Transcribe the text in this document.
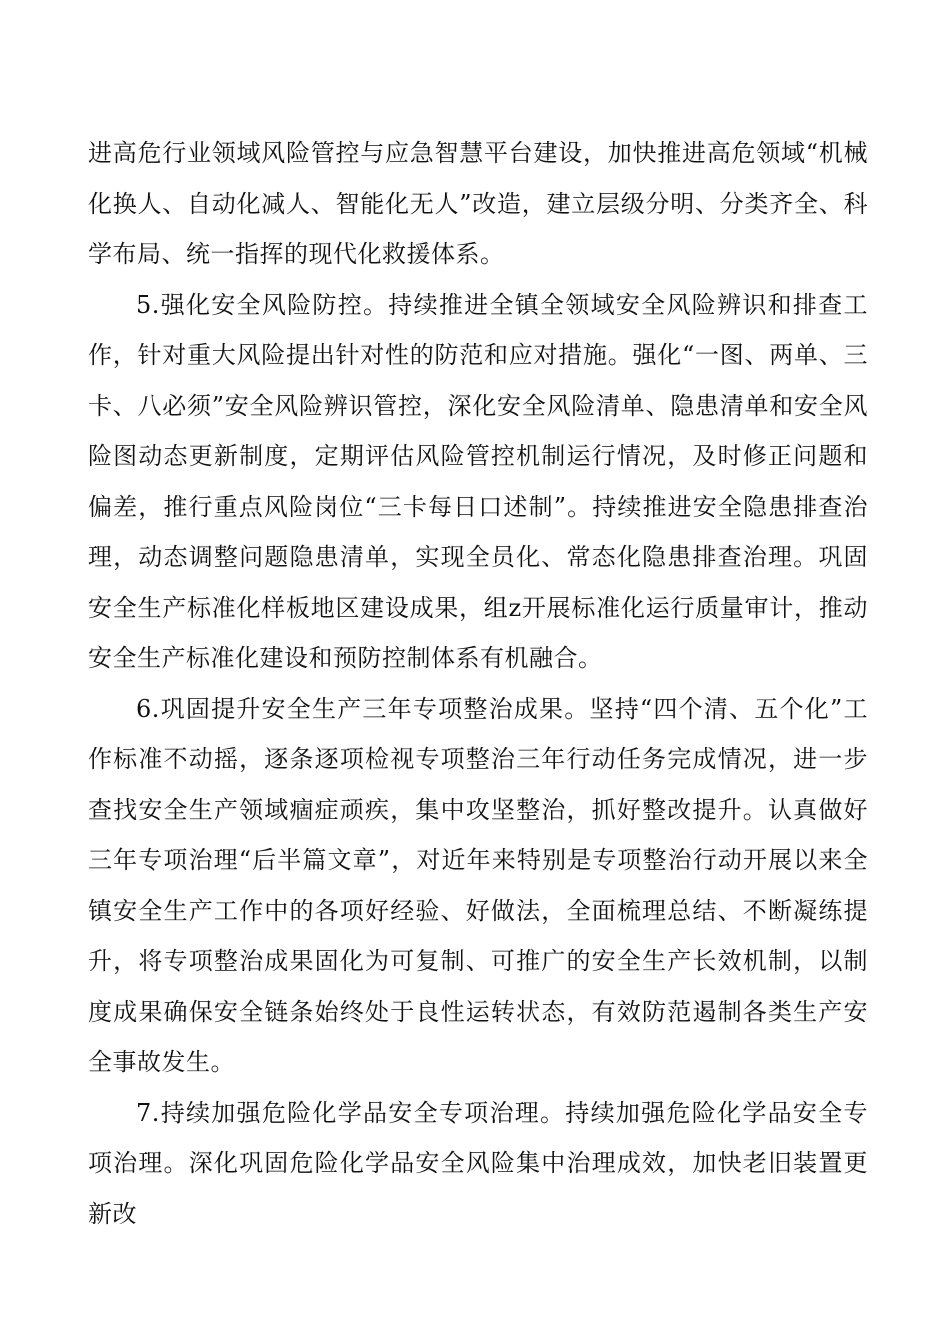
进高危行业领域风险管控与应急智慧平台建设，加快推进高危领域“机械化换人、自动化减人、智能化无人”改造，建立层级分明、分类齐全、科学布局、统一指挥的现代化救援体系。

5.强化安全风险防控。持续推进全镇全领域安全风险辨识和排查工作，针对重大风险提出针对性的防范和应对措施。强化“一图、两单、三卡、八必须”安全风险辨识管控，深化安全风险清单、隐患清单和安全风险图动态更新制度，定期评估风险管控机制运行情况，及时修正问题和偏差，推行重点风险岗位“三卡每日口述制”。持续推进安全隐患排查治理，动态调整问题隐患清单，实现全员化、常态化隐患排查治理。巩固安全生产标准化样板地区建设成果，组z开展标准化运行质量审计，推动安全生产标准化建设和预防控制体系有机融合。

6.巩固提升安全生产三年专项整治成果。坚持“四个清、五个化”工作标准不动摇，逐条逐项检视专项整治三年行动任务完成情况，进一步查找安全生产领域痼症顽疾，集中攻坚整治，抓好整改提升。认真做好三年专项治理“后半篇文章”，对近年来特别是专项整治行动开展以来全镇安全生产工作中的各项好经验、好做法，全面梳理总结、不断凝练提升，将专项整治成果固化为可复制、可推广的安全生产长效机制，以制度成果确保安全链条始终处于良性运转状态，有效防范遏制各类生产安全事故发生。

7.持续加强危险化学品安全专项治理。持续加强危险化学品安全专项治理。深化巩固危险化学品安全风险集中治理成效，加快老旧装置更新改
